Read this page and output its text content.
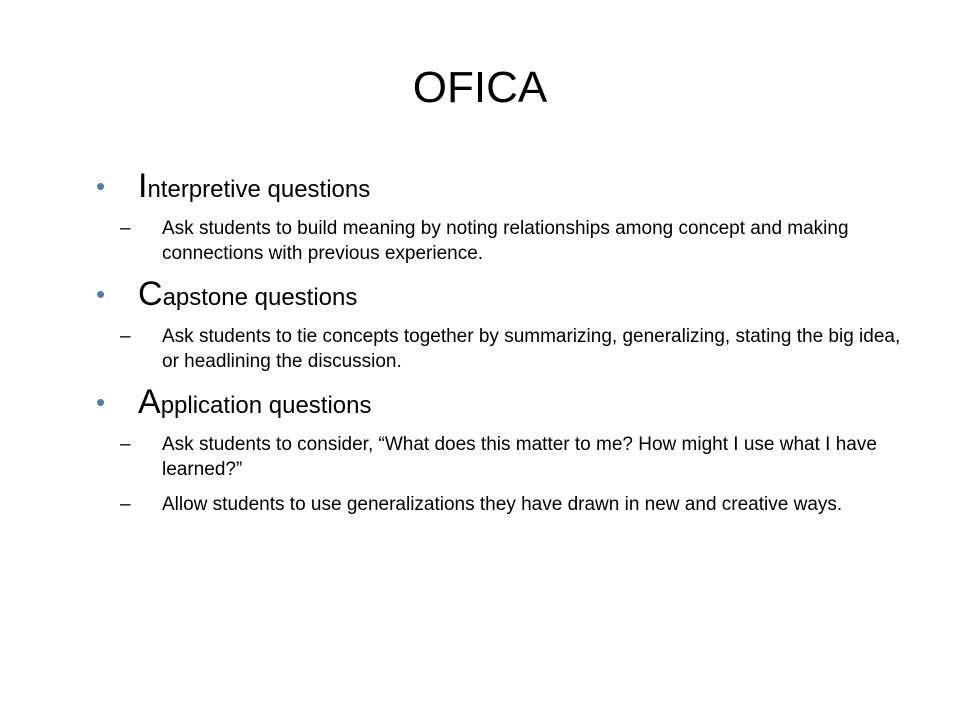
OFICA
• Interpretive questions
– Ask students to build meaning by noting relationships among concept and making connections with previous experience.
• Capstone questions
– Ask students to tie concepts together by summarizing, generalizing, stating the big idea, or headlining the discussion.
• Application questions
– Ask students to consider, “What does this matter to me? How might I use what I have learned?”
– Allow students to use generalizations they have drawn in new and creative ways.
